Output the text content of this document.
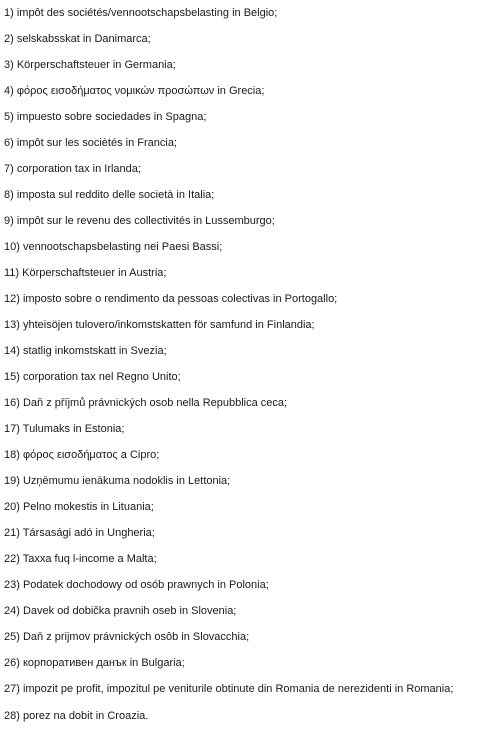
1) impôt des sociétés/vennootschapsbelasting in Belgio;
2) selskabsskat in Danimarca;
3) Körperschaftsteuer in Germania;
4) φόρος εισοδήματος νομικών προσώπων in Grecia;
5) impuesto sobre sociedades in Spagna;
6) impôt sur les sociètés in Francia;
7) corporation tax in Irlanda;
8) imposta sul reddito delle società in Italia;
9) impôt sur le revenu des collectivités in Lussemburgo;
10) vennootschapsbelasting nei Paesi Bassi;
11) Körperschaftsteuer in Austria;
12) imposto sobre o rendimento da pessoas colectivas in Portogallo;
13) yhteisöjen tulovero/inkomstskatten för samfund in Finlandia;
14) statlig inkomstskatt in Svezia;
15) corporation tax nel Regno Unito;
16) Daň z příjmů právnických osob nella Repubblica ceca;
17) Tulumaks in Estonia;
18) φόρος εισοδήματος a Cipro;
19) Uzņēmumu ienākuma nodoklis in Lettonia;
20) Pelno mokestis in Lituania;
21) Társasági adó in Ungheria;
22) Taxxa fuq l-income a Malta;
23) Podatek dochodowy od osób prawnych in Polonia;
24) Davek od dobička pravnih oseb in Slovenia;
25) Daň z prijmov právnických osôb in Slovacchia;
26) корпоративен данък in Bulgaria;
27) impozit pe profit, impozitul pe veniturile obtinute din Romania de nerezidenti in Romania;
28) porez na dobit in Croazia.
